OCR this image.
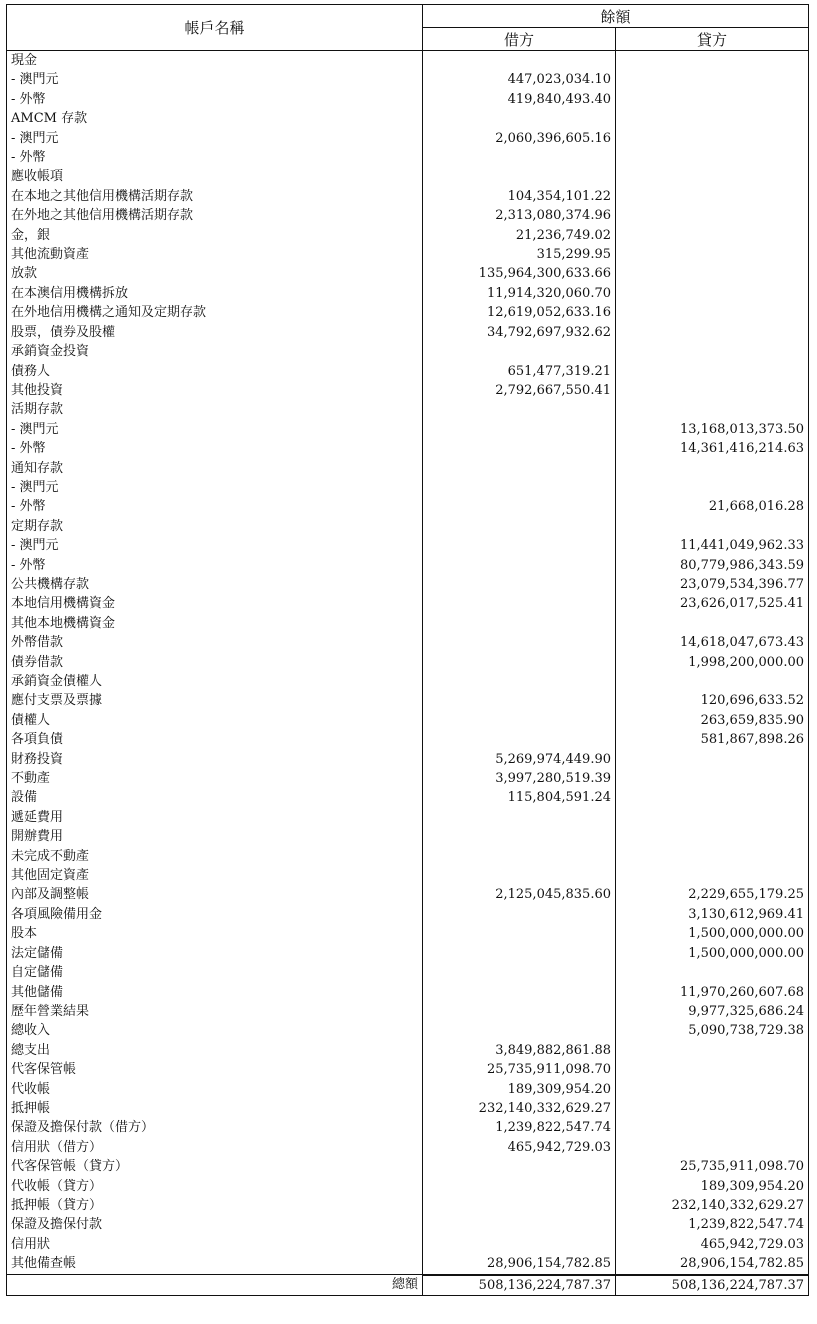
帳戶名稱	餘額	
	借方	貸方
現金		
- 澳門元	447,023,034.10	
- 外幣	419,840,493.40	
AMCM 存款		
- 澳門元	2,060,396,605.16	
- 外幣		
應收帳項		
在本地之其他信用機構活期存款	104,354,101.22	
在外地之其他信用機構活期存款	2,313,080,374.96	
金，銀	21,236,749.02	
其他流動資產	315,299.95	
放款	135,964,300,633.66	
在本澳信用機構拆放	11,914,320,060.70	
在外地信用機構之通知及定期存款	12,619,052,633.16	
股票，債券及股權	34,792,697,932.62	
承銷資金投資		
債務人	651,477,319.21	
其他投資	2,792,667,550.41	
活期存款		
- 澳門元		13,168,013,373.50
- 外幣		14,361,416,214.63
通知存款		
- 澳門元		
- 外幣		21,668,016.28
定期存款		
- 澳門元		11,441,049,962.33
- 外幣		80,779,986,343.59
公共機構存款		23,079,534,396.77
本地信用機構資金		23,626,017,525.41
其他本地機構資金		
外幣借款		14,618,047,673.43
債券借款		1,998,200,000.00
承銷資金債權人		
應付支票及票據		120,696,633.52
債權人		263,659,835.90
各項負債		581,867,898.26
財務投資	5,269,974,449.90	
不動產	3,997,280,519.39	
設備	115,804,591.24	
遞延費用		
開辦費用		
未完成不動產		
其他固定資產		
內部及調整帳	2,125,045,835.60	2,229,655,179.25
各項風險備用金		3,130,612,969.41
股本		1,500,000,000.00
法定儲備		1,500,000,000.00
自定儲備		
其他儲備		11,970,260,607.68
歷年營業結果		9,977,325,686.24
總收入		5,090,738,729.38
總支出	3,849,882,861.88	
代客保管帳	25,735,911,098.70	
代收帳	189,309,954.20	
抵押帳	232,140,332,629.27	
保證及擔保付款（借方）	1,239,822,547.74	
信用狀（借方）	465,942,729.03	
代客保管帳（貸方）		25,735,911,098.70
代收帳（貸方）		189,309,954.20
抵押帳（貸方）		232,140,332,629.27
保證及擔保付款		1,239,822,547.74
信用狀		465,942,729.03
其他備查帳	28,906,154,782.85	28,906,154,782.85
總額	508,136,224,787.37	508,136,224,787.37
